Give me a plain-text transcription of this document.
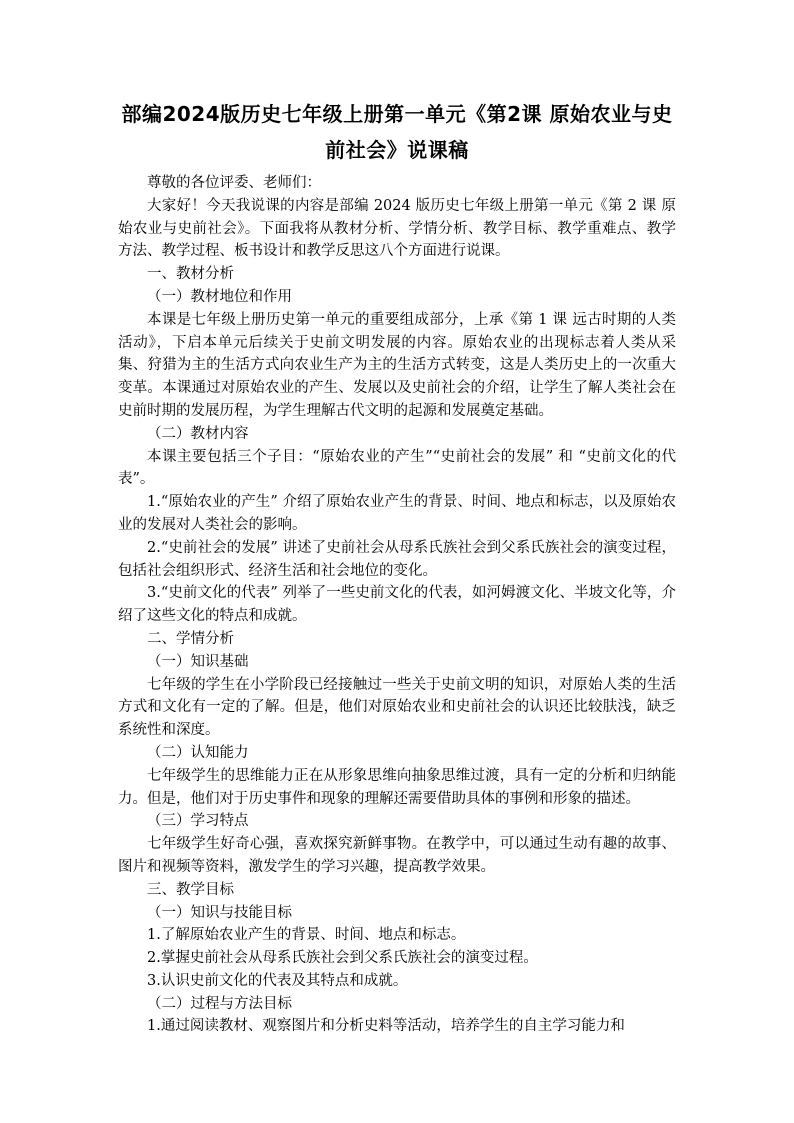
部编2024版历史七年级上册第一单元《第2课 原始农业与史前社会》说课稿

尊敬的各位评委、老师们：

大家好！今天我说课的内容是部编 2024 版历史七年级上册第一单元《第 2 课 原始农业与史前社会》。下面我将从教材分析、学情分析、教学目标、教学重难点、教学方法、教学过程、板书设计和教学反思这八个方面进行说课。

一、教材分析

（一）教材地位和作用

本课是七年级上册历史第一单元的重要组成部分，上承《第 1 课 远古时期的人类活动》，下启本单元后续关于史前文明发展的内容。原始农业的出现标志着人类从采集、狩猎为主的生活方式向农业生产为主的生活方式转变，这是人类历史上的一次重大变革。本课通过对原始农业的产生、发展以及史前社会的介绍，让学生了解人类社会在史前时期的发展历程，为学生理解古代文明的起源和发展奠定基础。

（二）教材内容

本课主要包括三个子目：“原始农业的产生”“史前社会的发展” 和 “史前文化的代表”。

1.“原始农业的产生” 介绍了原始农业产生的背景、时间、地点和标志，以及原始农业的发展对人类社会的影响。

2.“史前社会的发展” 讲述了史前社会从母系氏族社会到父系氏族社会的演变过程，包括社会组织形式、经济生活和社会地位的变化。

3.“史前文化的代表” 列举了一些史前文化的代表，如河姆渡文化、半坡文化等，介绍了这些文化的特点和成就。

二、学情分析

（一）知识基础

七年级的学生在小学阶段已经接触过一些关于史前文明的知识，对原始人类的生活方式和文化有一定的了解。但是，他们对原始农业和史前社会的认识还比较肤浅，缺乏系统性和深度。

（二）认知能力

七年级学生的思维能力正在从形象思维向抽象思维过渡，具有一定的分析和归纳能力。但是，他们对于历史事件和现象的理解还需要借助具体的事例和形象的描述。

（三）学习特点

七年级学生好奇心强，喜欢探究新鲜事物。在教学中，可以通过生动有趣的故事、图片和视频等资料，激发学生的学习兴趣，提高教学效果。

三、教学目标

（一）知识与技能目标

1.了解原始农业产生的背景、时间、地点和标志。

2.掌握史前社会从母系氏族社会到父系氏族社会的演变过程。

3.认识史前文化的代表及其特点和成就。

（二）过程与方法目标

1.通过阅读教材、观察图片和分析史料等活动，培养学生的自主学习能力和
